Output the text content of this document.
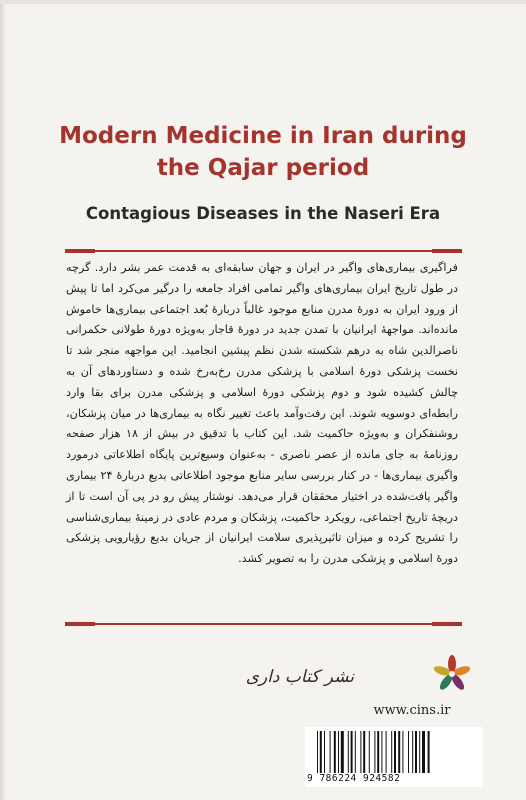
Modern Medicine in Iran during the Qajar period
Contagious Diseases in the Naseri Era

فراگیری بیماری‌های واگیر در ایران و جهان سابقه‌ای به قدمت عمر بشر دارد. گرچه در طول تاریخ ایران بیماری‌های واگیر تمامی افراد جامعه را درگیر می‌کرد اما تا پیش از ورود ایران به دورهٔ مدرن منابع موجود غالباً دربارهٔ بُعد اجتماعی بیماری‌ها خاموش مانده‌اند. مواجههٔ ایرانیان با تمدن جدید در دورهٔ قاجار به‌ویژه دورهٔ طولانی حکمرانی ناصرالدین شاه به درهم شکسته شدن نظم پیشین انجامید. این مواجهه منجر شد تا نخست پزشکی دورهٔ اسلامی با پزشکی مدرن رخ‌به‌رخ شده و دستاوردهای آن به چالش کشیده شود و دوم پزشکی دورهٔ اسلامی و پزشکی مدرن برای بقا وارد رابطه‌ای دوسویه شوند. این رفت‌وآمد باعث تغییر نگاه به بیماری‌ها در میان پزشکان، روشنفکران و به‌ویژه حاکمیت شد. این کتاب با تدقیق در بیش از ۱۸ هزار صفحه روزنامهٔ به جای مانده از عصر ناصری - به‌عنوان وسیع‌ترین پایگاه اطلاعاتی درمورد واگیری بیماری‌ها - در کنار بررسی سایر منابع موجود اطلاعاتی بدیع دربارهٔ ۲۴ بیماری واگیر یافت‌شده در اختیار محققان قرار می‌دهد. نوشتار پیش رو در پی آن است تا از دریچهٔ تاریخ اجتماعی، رویکرد حاکمیت، پزشکان و مردم عادی در زمینهٔ بیماری‌شناسی را تشریح کرده و میزان تاثیرپذیری سلامت ایرانیان از جریان بدیع رؤیارویی پزشکی دورهٔ اسلامی و پزشکی مدرن را به تصویر کشد.

نشر کتاب داری
www.cins.ir
9 786224 924582
